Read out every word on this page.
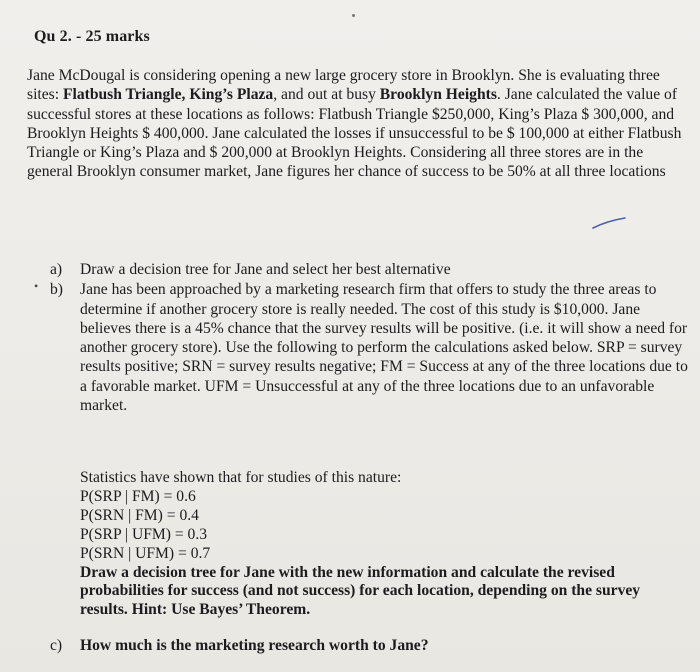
Qu 2. - 25 marks
Jane McDougal is considering opening a new large grocery store in Brooklyn. She is evaluating three sites: Flatbush Triangle, King’s Plaza, and out at busy Brooklyn Heights. Jane calculated the value of successful stores at these locations as follows: Flatbush Triangle $250,000, King’s Plaza $ 300,000, and Brooklyn Heights $ 400,000. Jane calculated the losses if unsuccessful to be $ 100,000 at either Flatbush Triangle or King’s Plaza and $ 200,000 at Brooklyn Heights. Considering all three stores are in the general Brooklyn consumer market, Jane figures her chance of success to be 50% at all three locations
•
a) Draw a decision tree for Jane and select her best alternative
b) Jane has been approached by a marketing research firm that offers to study the three areas to determine if another grocery store is really needed. The cost of this study is $10,000. Jane believes there is a 45% chance that the survey results will be positive. (i.e. it will show a need for another grocery store). Use the following to perform the calculations asked below. SRP = survey results positive; SRN = survey results negative; FM = Success at any of the three locations due to a favorable market. UFM = Unsuccessful at any of the three locations due to an unfavorable market.
Statistics have shown that for studies of this nature:
P(SRP | FM) = 0.6
P(SRN | FM) = 0.4
P(SRP | UFM) = 0.3
P(SRN | UFM) = 0.7
Draw a decision tree for Jane with the new information and calculate the revised probabilities for success (and not success) for each location, depending on the survey results. Hint: Use Bayes’ Theorem.
c) How much is the marketing research worth to Jane?
